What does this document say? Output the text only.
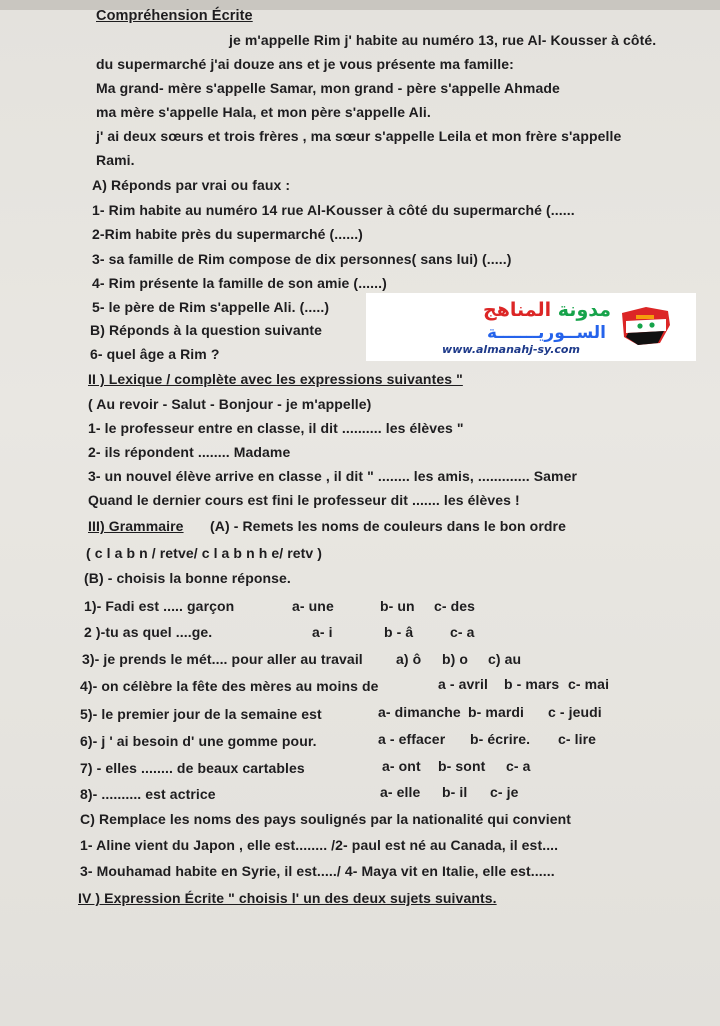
Compréhension Écrite
je m'appelle Rim j' habite au numéro 13, rue Al- Kousser à côté.
du supermarché j'ai douze ans et je vous présente ma famille:
Ma grand- mère s'appelle Samar, mon grand - père s'appelle Ahmade
ma mère s'appelle Hala, et mon père s'appelle Ali.
j' ai deux sœurs et trois frères , ma sœur s'appelle Leila et mon frère s'appelle
Rami.
A) Réponds par vrai ou faux :
1- Rim habite au numéro 14 rue Al-Kousser à côté du supermarché (......
2-Rim habite près du supermarché (......)
3- sa famille de Rim compose de dix personnes( sans lui) (.....)
4- Rim présente la famille de son amie (......)
5- le père de Rim s'appelle Ali. (.....)
B) Réponds à la question suivante
6- quel âge a Rim ?
II ) Lexique / complète avec les expressions suivantes "
( Au revoir - Salut - Bonjour - je m'appelle)
1- le professeur entre en classe, il dit .......... les élèves "
2- ils répondent ........ Madame
3- un nouvel élève arrive en classe , il dit " ........ les amis, ............. Samer
Quand le dernier cours est fini le professeur dit ....... les élèves !
III) Grammaire (A) - Remets les noms de couleurs dans le bon ordre
( c l a b n / retve/ c l a b n h e/ retv )
(B) - choisis la bonne réponse.
1)- Fadi est ..... garçon	a- une	b- un c- des
2 )-tu as quel ....ge.	a- i	b - â	c- a
3)- je prends le mét.... pour aller au travail a) ô b) o c) au
4)- on célèbre la fête des mères au moins de	a - avril b - mars c- mai
5)- le premier jour de la semaine est	a- dimanche b- mardi c - jeudi
6)- j ' ai besoin d' une gomme pour.	a - effacer b- écrire. c- lire
7) - elles ........ de beaux cartables	a- ont b- sont c- a
8)- .......... est actrice	a- elle b- il c- je
C) Remplace les noms des pays soulignés par la nationalité qui convient
1- Aline vient du Japon , elle est........ /2- paul est né au Canada, il est....
3- Mouhamad habite en Syrie, il est...../ 4- Maya vit en Italie, elle est......
IV ) Expression Écrite " choisis l' un des deux sujets suivants.
مدونة المناهج
الســوريـــــــة
www.almanahj-sy.com
